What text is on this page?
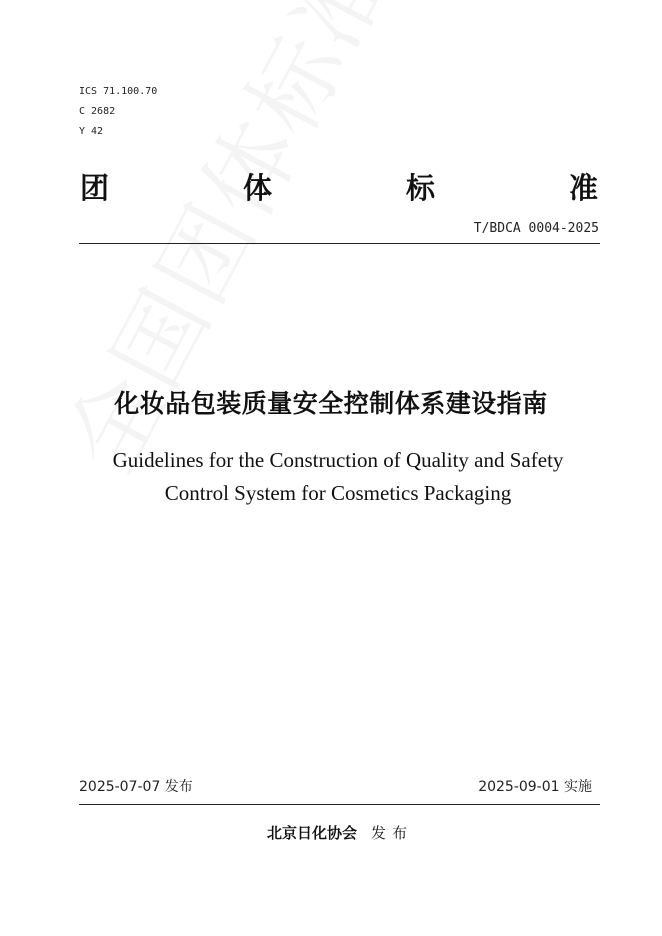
ICS 71.100.70
C 2682
Y 42
团	体	标	准
T/BDCA 0004-2025
化妆品包装质量安全控制体系建设指南
Guidelines for the Construction of Quality and Safety
Control System for Cosmetics Packaging
2025-07-07 发布	2025-09-01 实施
北京日化协会 发布
